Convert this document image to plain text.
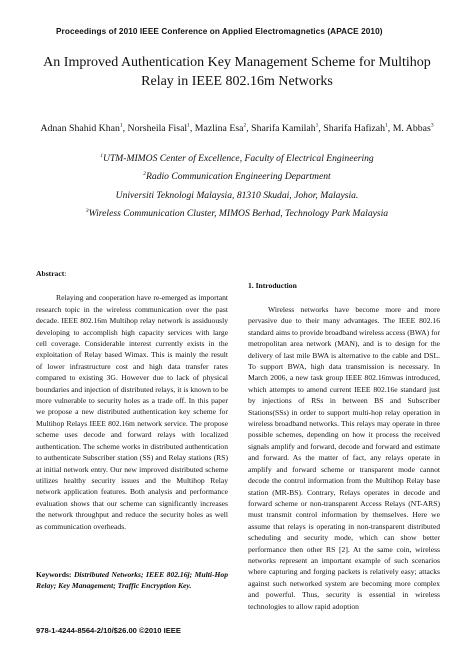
Proceedings of 2010 IEEE Conference on Applied Electromagnetics (APACE 2010)
An Improved Authentication Key Management Scheme for Multihop Relay in IEEE 802.16m Networks
Adnan Shahid Khan$^1$, Norsheila Fisal$^1$, Mazlina Esa$^2$, Sharifa Kamilah$^1$, Sharifa Hafizah$^1$, M. Abbas$^3$
$^1$UTM-MIMOS Center of Excellence, Faculty of Electrical Engineering
$^2$Radio Communication Engineering Department
Universiti Teknologi Malaysia, 81310 Skudai, Johor, Malaysia.
$^3$Wireless Communication Cluster, MIMOS Berhad, Technology Park Malaysia
Abstract:

Relaying and cooperation have re-emerged as important research topic in the wireless communication over the past decade. IEEE 802.16m Multihop relay network is assiduously developing to accomplish high capacity services with large cell coverage. Considerable interest currently exists in the exploitation of Relay based Wimax. This is mainly the result of lower infrastructure cost and high data transfer rates compared to existing 3G. However due to lack of physical boundaries and injection of distributed relays, it is known to be more vulnerable to security holes as a trade off. In this paper we propose a new distributed authentication key scheme for Multihop Relays IEEE 802.16m network service. The propose scheme uses decode and forward relays with localized authentication. The scheme works in distributed authentication to authenticate Subscriber station (SS) and Relay stations (RS) at initial network entry. Our new improved distributed scheme utilizes healthy security issues and the Multihop Relay network application features. Both analysis and performance evaluation shows that our scheme can significantly increases the network throughput and reduce the security holes as well as communication overheads.

Keywords: Distributed Networks; IEEE 802.16j; Multi-Hop Relay; Key Management; Traffic Encryption Key.
1. Introduction

Wireless networks have become more and more pervasive due to their many advantages. The IEEE 802.16 standard aims to provide broadband wireless access (BWA) for metropolitan area network (MAN), and is to design for the delivery of last mile BWA is alternative to the cable and DSL. To support BWA, high data transmission is necessary. In March 2006, a new task group IEEE 802.16mwas introduced, which attempts to amend current IEEE 802.16e standard just by injections of RSs in between BS and Subscriber Stations(SSs) in order to support multi-hop relay operation in wireless broadband networks. This relays may operate in three possible schemes, depending on how it process the received signals amplify and forward, decode and forward and estimate and forward. As the matter of fact, any relays operate in amplify and forward scheme or transparent mode cannot decode the control information from the Multihop Relay base station (MR-BS). Contrary, Relays operates in decode and forward scheme or non-transparent Access Relays (NT-ARS) must transmit control information by themselves. Here we assume that relays is operating in non-transparent distributed scheduling and security mode, which can show better performance then other RS [2]. At the same coin, wireless networks represent an important example of such scenarios where capturing and forging packets is relatively easy; attacks against such networked system are becoming more complex and powerful. Thus, security is essential in wireless technologies to allow rapid adoption

978-1-4244-8564-2/10/$26.00 ©2010 IEEE
